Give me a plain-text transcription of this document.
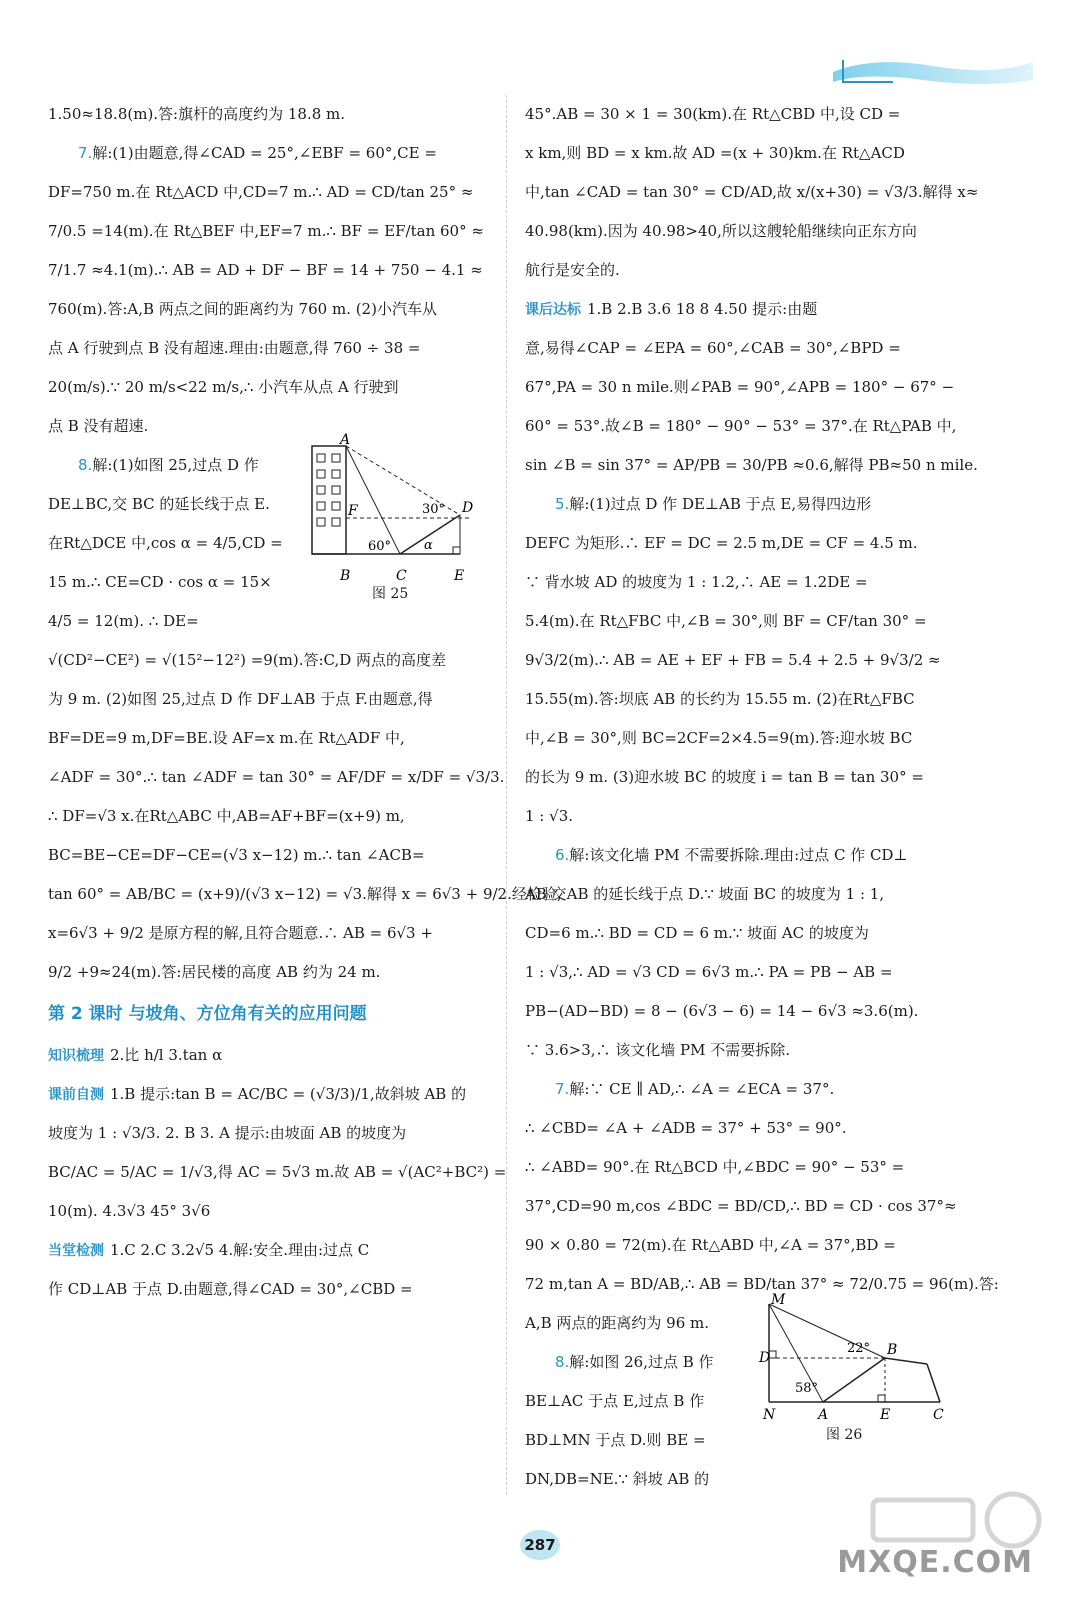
1.50≈18.8(m).答:旗杆的高度约为 18.8 m.
7.解:(1)由题意,得∠CAD = 25°,∠EBF = 60°,CE =
DF=750 m.在 Rt△ACD 中,CD=7 m.∴ AD = CD/tan 25° ≈
7/0.5 =14(m).在 Rt△BEF 中,EF=7 m.∴ BF = EF/tan 60° ≈
7/1.7 ≈4.1(m).∴ AB = AD + DF − BF = 14 + 750 − 4.1 ≈
760(m).答:A,B 两点之间的距离约为 760 m. (2)小汽车从
点 A 行驶到点 B 没有超速.理由:由题意,得 760 ÷ 38 =
20(m/s).∵ 20 m/s<22 m/s,∴ 小汽车从点 A 行驶到
点 B 没有超速.
8.解:(1)如图 25,过点 D 作
DE⊥BC,交 BC 的延长线于点 E.
在Rt△DCE 中,cos α = 4/5,CD =
15 m.∴ CE=CD · cos α = 15×
4/5 = 12(m). ∴ DE=
√(CD²−CE²) = √(15²−12²) =9(m).答:C,D 两点的高度差
为 9 m. (2)如图 25,过点 D 作 DF⊥AB 于点 F.由题意,得
BF=DE=9 m,DF=BE.设 AF=x m.在 Rt△ADF 中,
∠ADF = 30°.∴ tan ∠ADF = tan 30° = AF/DF = x/DF = √3/3.
∴ DF=√3 x.在Rt△ABC 中,AB=AF+BF=(x+9) m,
BC=BE−CE=DF−CE=(√3 x−12) m.∴ tan ∠ACB=
tan 60° = AB/BC = (x+9)/(√3 x−12) = √3.解得 x = 6√3 + 9/2.经检验,
x=6√3 + 9/2 是原方程的解,且符合题意.∴ AB = 6√3 +
9/2 +9≈24(m).答:居民楼的高度 AB 约为 24 m.
第 2 课时 与坡角、方位角有关的应用问题
知识梳理 2.比 h/l 3.tan α
课前自测 1.B 提示:tan B = AC/BC = (√3/3)/1,故斜坡 AB 的
坡度为 1 : √3/3. 2. B 3. A 提示:由坡面 AB 的坡度为
BC/AC = 5/AC = 1/√3,得 AC = 5√3 m.故 AB = √(AC²+BC²) =
10(m). 4.3√3 45° 3√6
当堂检测 1.C 2.C 3.2√5 4.解:安全.理由:过点 C
作 CD⊥AB 于点 D.由题意,得∠CAD = 30°,∠CBD =
45°.AB = 30 × 1 = 30(km).在 Rt△CBD 中,设 CD =
x km,则 BD = x km.故 AD =(x + 30)km.在 Rt△ACD
中,tan ∠CAD = tan 30° = CD/AD,故 x/(x+30) = √3/3.解得 x≈
40.98(km).因为 40.98>40,所以这艘轮船继续向正东方向
航行是安全的.
课后达标 1.B 2.B 3.6 18 8 4.50 提示:由题
意,易得∠CAP = ∠EPA = 60°,∠CAB = 30°,∠BPD =
67°,PA = 30 n mile.则∠PAB = 90°,∠APB = 180° − 67° −
60° = 53°.故∠B = 180° − 90° − 53° = 37°.在 Rt△PAB 中,
sin ∠B = sin 37° = AP/PB = 30/PB ≈0.6,解得 PB≈50 n mile.
5.解:(1)过点 D 作 DE⊥AB 于点 E,易得四边形
DEFC 为矩形.∴ EF = DC = 2.5 m,DE = CF = 4.5 m.
∵ 背水坡 AD 的坡度为 1 : 1.2,∴ AE = 1.2DE =
5.4(m).在 Rt△FBC 中,∠B = 30°,则 BF = CF/tan 30° =
9√3/2(m).∴ AB = AE + EF + FB = 5.4 + 2.5 + 9√3/2 ≈
15.55(m).答:坝底 AB 的长约为 15.55 m. (2)在Rt△FBC
中,∠B = 30°,则 BC=2CF=2×4.5=9(m).答:迎水坡 BC
的长为 9 m. (3)迎水坡 BC 的坡度 i = tan B = tan 30° =
1 : √3.
6.解:该文化墙 PM 不需要拆除.理由:过点 C 作 CD⊥
AB 交AB 的延长线于点 D.∵ 坡面 BC 的坡度为 1 : 1,
CD=6 m.∴ BD = CD = 6 m.∵ 坡面 AC 的坡度为
1 : √3,∴ AD = √3 CD = 6√3 m.∴ PA = PB − AB =
PB−(AD−BD) = 8 − (6√3 − 6) = 14 − 6√3 ≈3.6(m).
∵ 3.6>3,∴ 该文化墙 PM 不需要拆除.
7.解:∵ CE ∥ AD,∴ ∠A = ∠ECA = 37°.
∴ ∠CBD= ∠A + ∠ADB = 37° + 53° = 90°.
∴ ∠ABD= 90°.在 Rt△BCD 中,∠BDC = 90° − 53° =
37°,CD=90 m,cos ∠BDC = BD/CD,∴ BD = CD · cos 37°≈
90 × 0.80 = 72(m).在 Rt△ABD 中,∠A = 37°,BD =
72 m,tan A = BD/AB,∴ AB = BD/tan 37° ≈ 72/0.75 = 96(m).答:
A,B 两点的距离约为 96 m.
8.解:如图 26,过点 B 作
BE⊥AC 于点 E,过点 B 作
BD⊥MN 于点 D.则 BE =
DN,DB=NE.∵ 斜坡 AB 的
A
B	C
D
E
F	30°
60°	α
图 25
M
N	A
B
C
D
E
22°
58°
图 26
287	MXQE.COM
